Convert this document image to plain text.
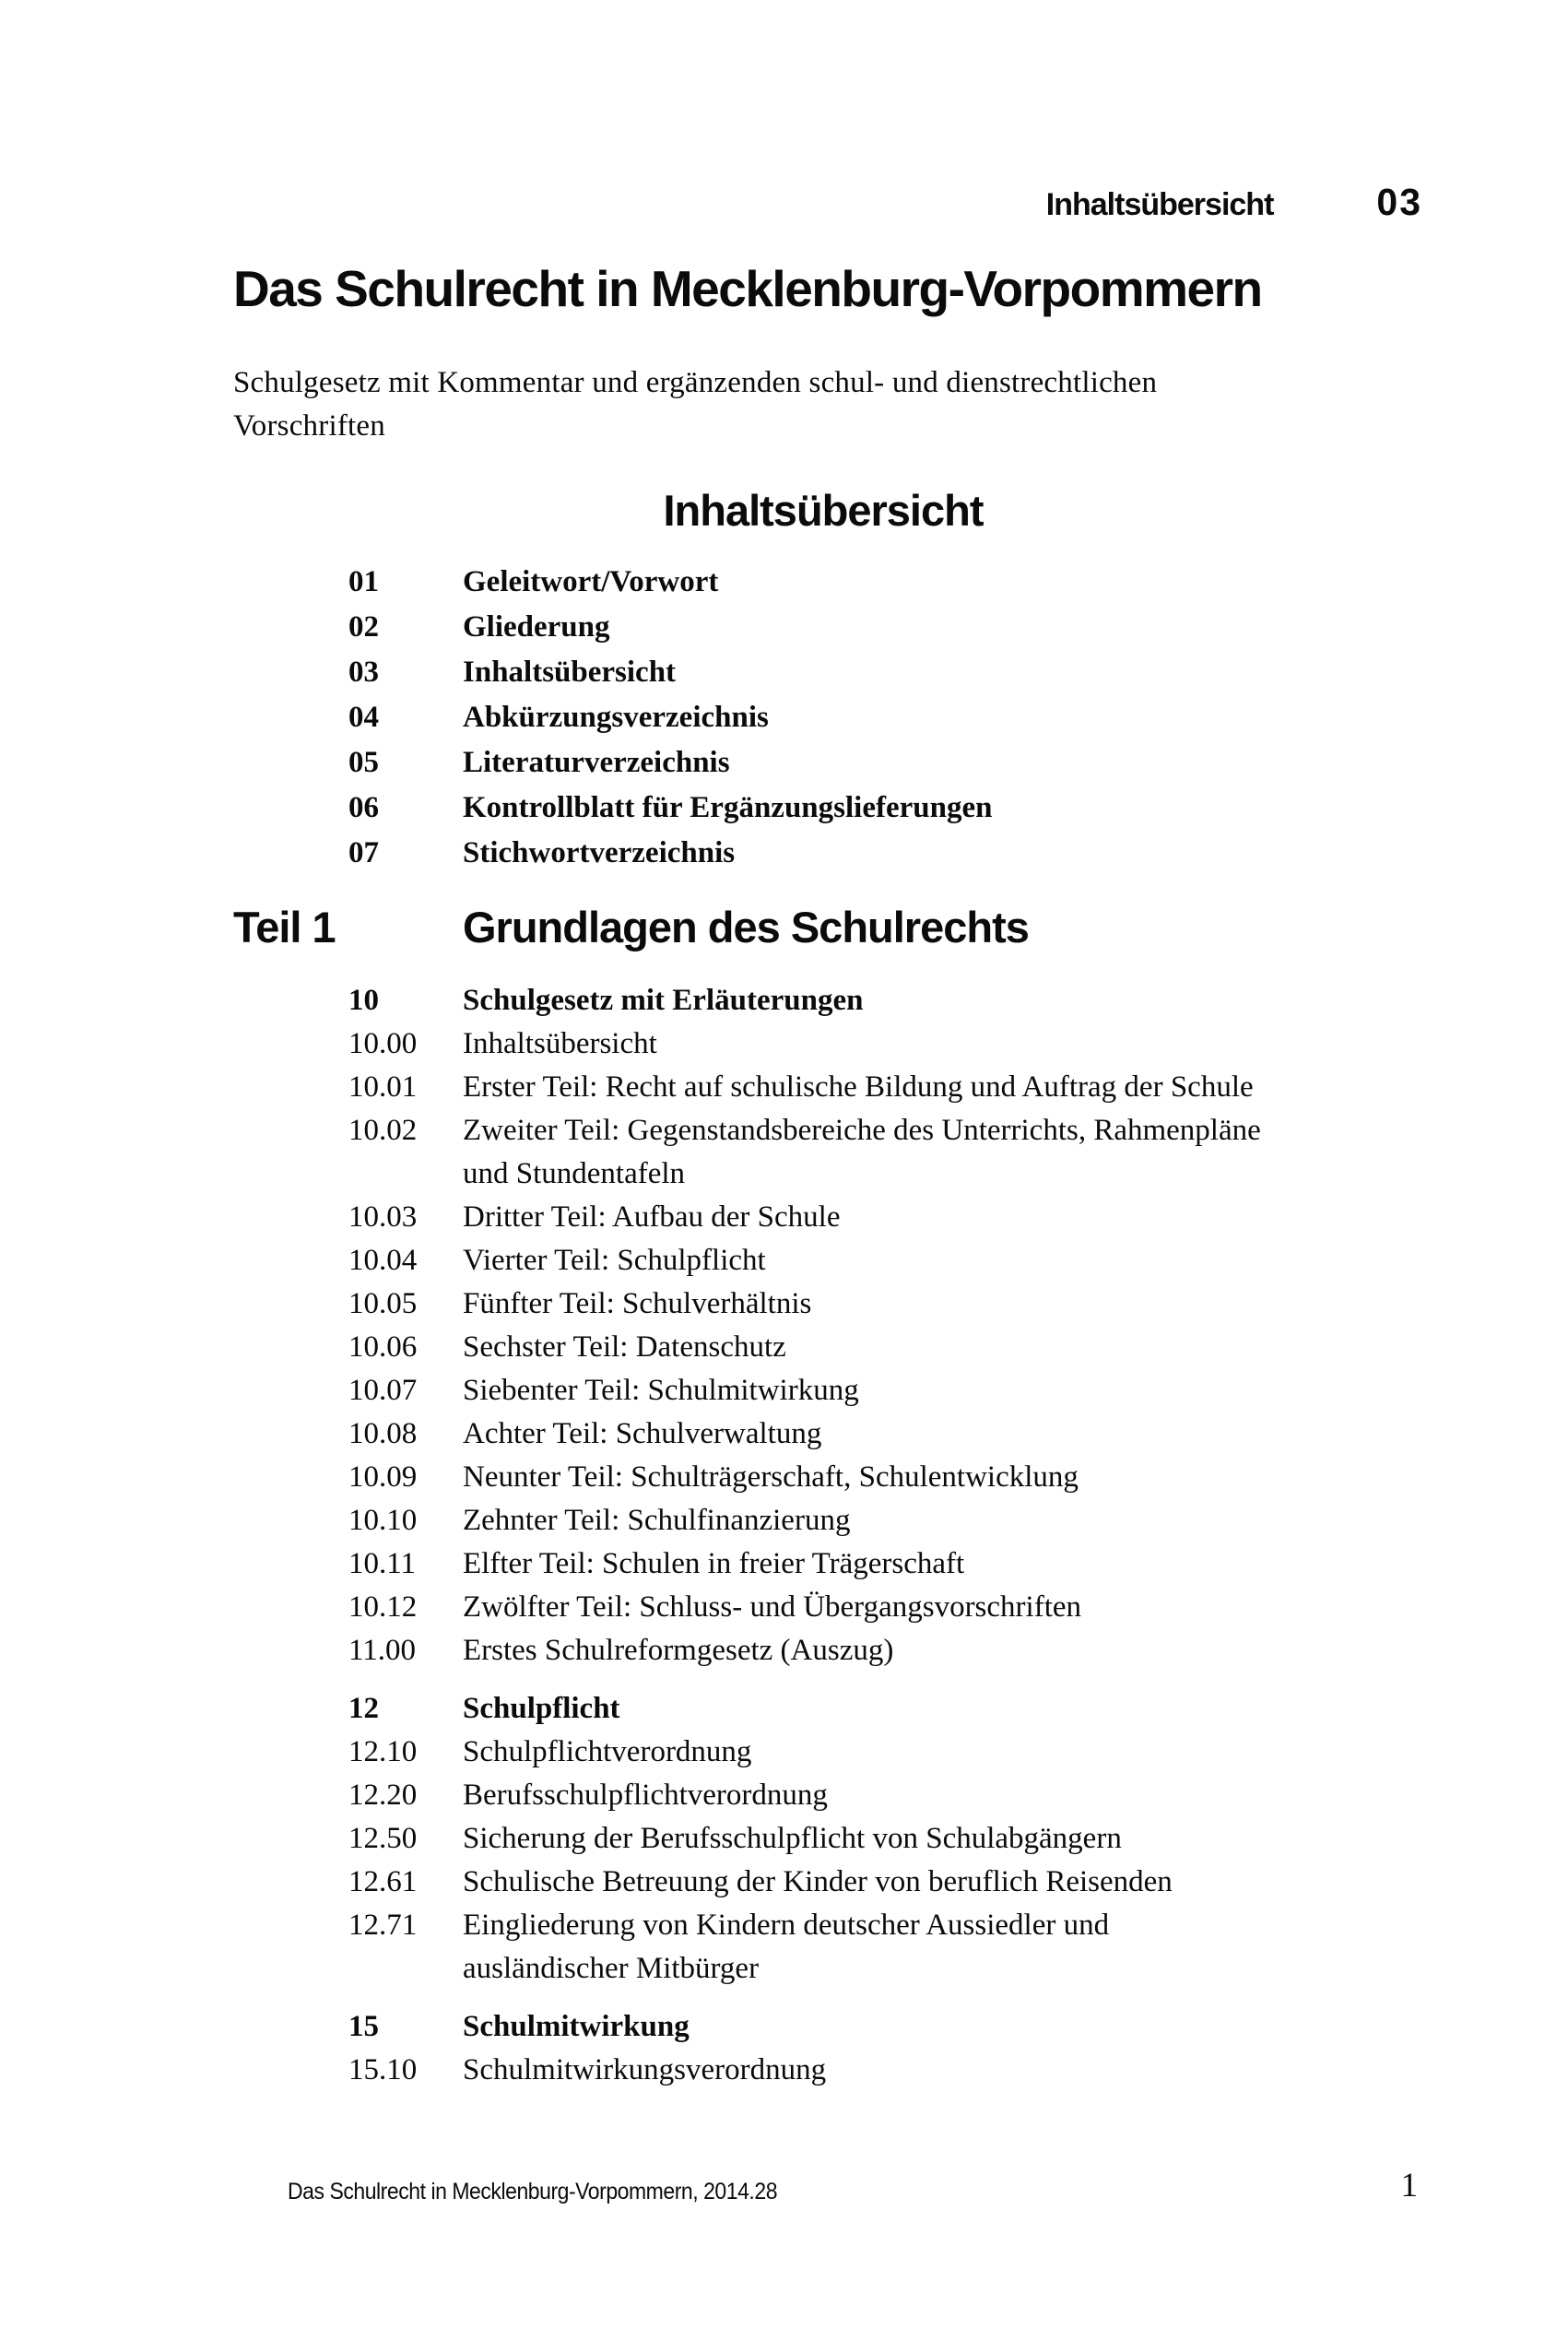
Inhaltsübersicht	03
Das Schulrecht in Mecklenburg-Vorpommern
Schulgesetz mit Kommentar und ergänzenden schul- und dienstrechtlichen
Vorschriften
Inhaltsübersicht
01	Geleitwort/Vorwort
02	Gliederung
03	Inhaltsübersicht
04	Abkürzungsverzeichnis
05	Literaturverzeichnis
06	Kontrollblatt für Ergänzungslieferungen
07	Stichwortverzeichnis
Teil 1	Grundlagen des Schulrechts
10	Schulgesetz mit Erläuterungen
10.00	Inhaltsübersicht
10.01	Erster Teil: Recht auf schulische Bildung und Auftrag der Schule
10.02	Zweiter Teil: Gegenstandsbereiche des Unterrichts, Rahmenpläne
und Stundentafeln
10.03	Dritter Teil: Aufbau der Schule
10.04	Vierter Teil: Schulpflicht
10.05	Fünfter Teil: Schulverhältnis
10.06	Sechster Teil: Datenschutz
10.07	Siebenter Teil: Schulmitwirkung
10.08	Achter Teil: Schulverwaltung
10.09	Neunter Teil: Schulträgerschaft, Schulentwicklung
10.10	Zehnter Teil: Schulfinanzierung
10.11	Elfter Teil: Schulen in freier Trägerschaft
10.12	Zwölfter Teil: Schluss- und Übergangsvorschriften
11.00	Erstes Schulreformgesetz (Auszug)
12	Schulpflicht
12.10	Schulpflichtverordnung
12.20	Berufsschulpflichtverordnung
12.50	Sicherung der Berufsschulpflicht von Schulabgängern
12.61	Schulische Betreuung der Kinder von beruflich Reisenden
12.71	Eingliederung von Kindern deutscher Aussiedler und
ausländischer Mitbürger
15	Schulmitwirkung
15.10	Schulmitwirkungsverordnung
Das Schulrecht in Mecklenburg-Vorpommern, 2014.28	1
